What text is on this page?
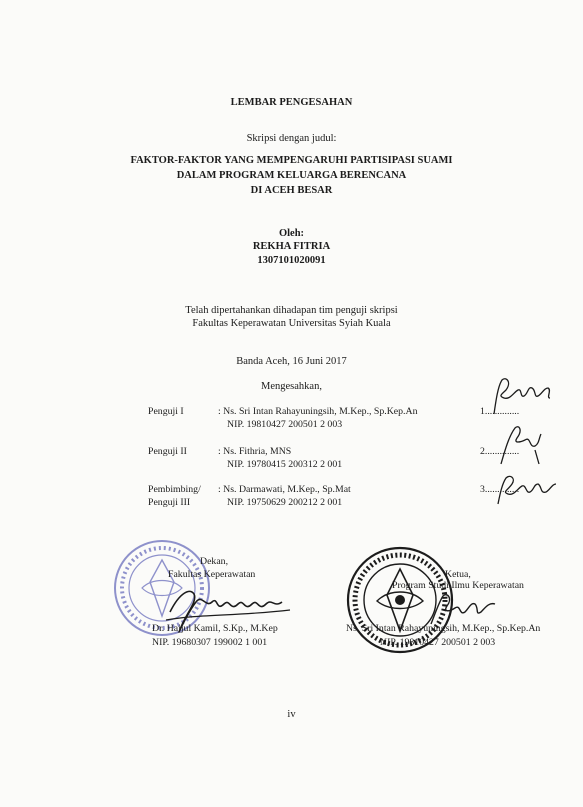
LEMBAR PENGESAHAN
Skripsi dengan judul:
FAKTOR-FAKTOR YANG MEMPENGARUHI PARTISIPASI SUAMI
DALAM PROGRAM KELUARGA BERENCANA
DI ACEH BESAR
Oleh:
REKHA FITRIA
1307101020091
Telah dipertahankan dihadapan tim penguji skripsi
Fakultas Keperawatan Universitas Syiah Kuala
Banda Aceh, 16 Juni 2017
Mengesahkan,
Penguji I	: Ns. Sri Intan Rahayuningsih, M.Kep., Sp.Kep.An
NIP. 19810427 200501 2 003
1..............
Penguji II	: Ns. Fithria, MNS
NIP. 19780415 200312 2 001
2..............
Pembimbing/
Penguji III
: Ns. Darmawati, M.Kep., Sp.Mat
NIP. 19750629 200212 2 001
3..............
Dekan,
Fakultas Keperawatan
Dr. Hajjul Kamil, S.Kp., M.Kep
NIP. 19680307 199002 1 001
Ketua,
Program Studi Ilmu Keperawatan
Ns. Sri Intan Rahayuningsih, M.Kep., Sp.Kep.An
NIP. 19810427 200501 2 003
iv
